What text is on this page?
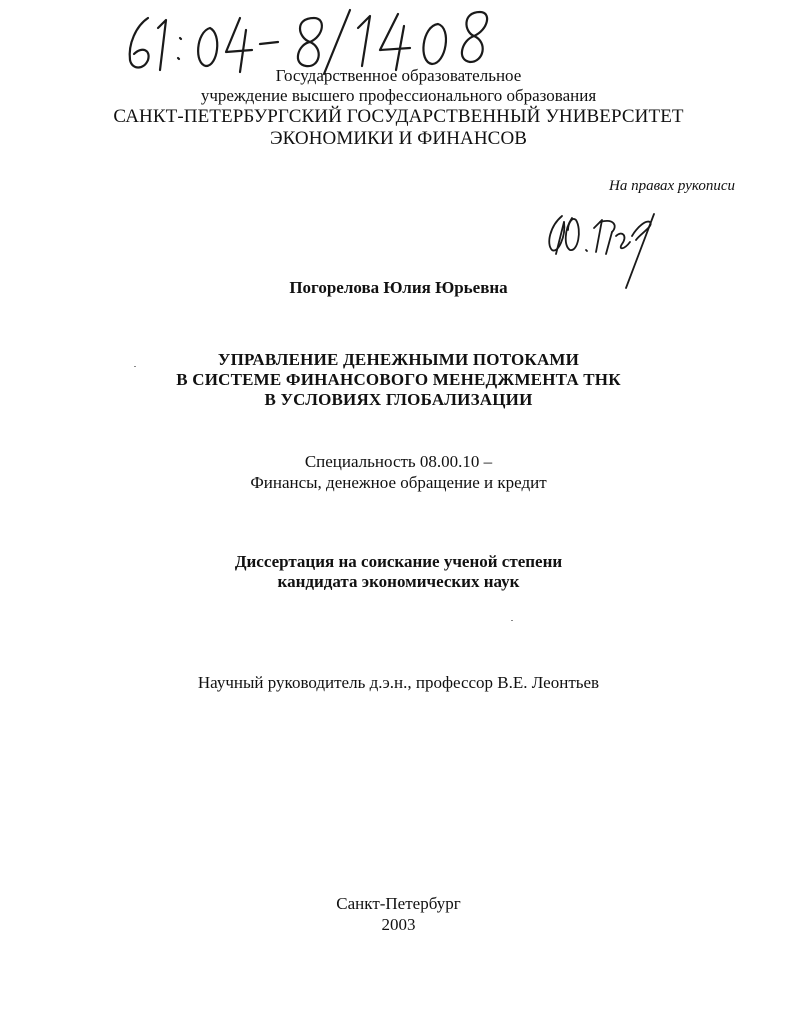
Государственное образовательное
учреждение высшего профессионального образования
САНКТ-ПЕТЕРБУРГСКИЙ ГОСУДАРСТВЕННЫЙ УНИВЕРСИТЕТ
ЭКОНОМИКИ И ФИНАНСОВ
На правах рукописи
Погорелова Юлия Юрьевна
УПРАВЛЕНИЕ ДЕНЕЖНЫМИ ПОТОКАМИ
В СИСТЕМЕ ФИНАНСОВОГО МЕНЕДЖМЕНТА ТНК
В УСЛОВИЯХ ГЛОБАЛИЗАЦИИ
Специальность 08.00.10 –
Финансы, денежное обращение и кредит
Диссертация на соискание ученой степени
кандидата экономических наук
Научный руководитель д.э.н., профессор В.Е. Леонтьев
Санкт-Петербург
2003
